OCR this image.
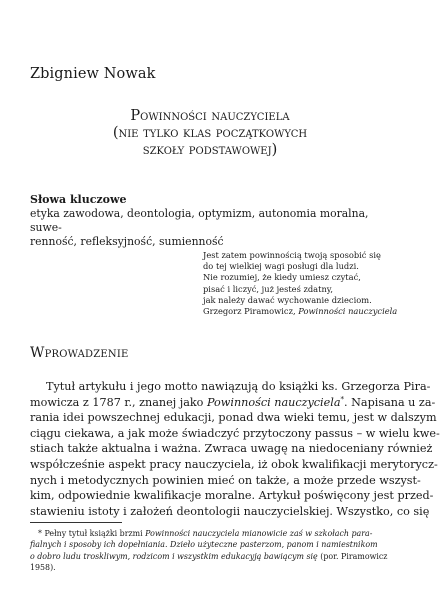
Zbigniew Nowak
Powinności nauczyciela
(nie tylko klas początkowych
szkoły podstawowej)
Słowa kluczowe
etyka zawodowa, deontologia, optymizm, autonomia moralna, suwe-
renność, refleksyjność, sumienność
Jest zatem powinnością twoją sposobić się
do tej wielkiej wagi posługi dla ludzi.
Nie rozumiej, że kiedy umiesz czytać,
pisać i liczyć, już jesteś zdatny,
jak należy dawać wychowanie dzieciom.
Grzegorz Piramowicz, Powinności nauczyciela
Wprowadzenie
Tytuł artykułu i jego motto nawiązują do książki ks. Grzegorza Pira-
mowicza z 1787 r., znanej jako Powinności nauczyciela*. Napisana u za-
rania idei powszechnej edukacji, ponad dwa wieki temu, jest w dalszym
ciągu ciekawa, a jak może świadczyć przytoczony passus – w wielu kwe-
stiach także aktualna i ważna. Zwraca uwagę na niedoceniany również
współcześnie aspekt pracy nauczyciela, iż obok kwalifikacji merytorycz-
nych i metodycznych powinien mieć on także, a może przede wszyst-
kim, odpowiednie kwalifikacje moralne. Artykuł poświęcony jest przed-
stawieniu istoty i założeń deontologii nauczycielskiej. Wszystko, co się
* Pełny tytuł książki brzmi Powinności nauczyciela mianowicie zaś w szkołach para-
fialnych i sposoby ich dopełniania. Dzieło użyteczne pasterzom, panom i namiestnikom
o dobro ludu troskliwym, rodzicom i wszystkim edukacyją bawiącym się (por. Piramowicz
1958).
